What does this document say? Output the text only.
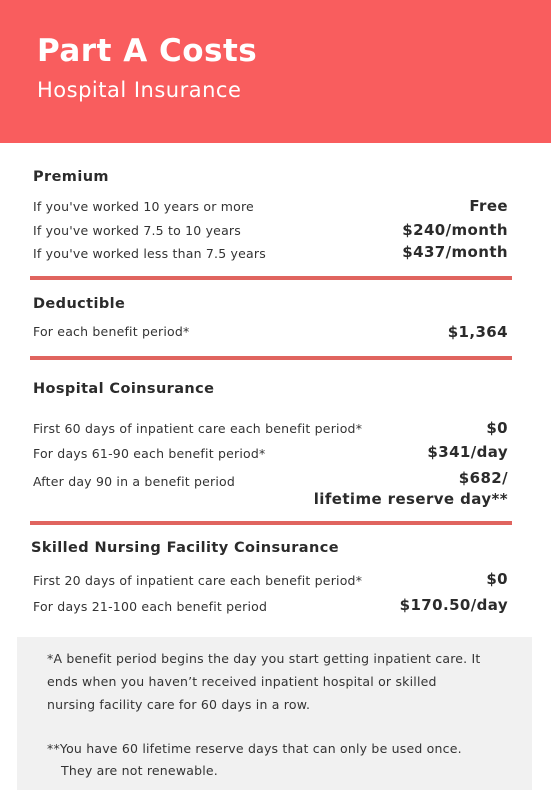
Part A Costs
Hospital Insurance
Premium
If you've worked 10 years or more	Free
If you've worked 7.5 to 10 years	$240/month
If you've worked less than 7.5 years	$437/month
Deductible
For each benefit period*	$1,364
Hospital Coinsurance
First 60 days of inpatient care each benefit period*	$0
For days 61-90 each benefit period*	$341/day
After day 90 in a benefit period	$682/
lifetime reserve day**
Skilled Nursing Facility Coinsurance
First 20 days of inpatient care each benefit period*	$0
For days 21-100 each benefit period	$170.50/day
*A benefit period begins the day you start getting inpatient care. It
ends when you haven’t received inpatient hospital or skilled
nursing facility care for 60 days in a row.
**You have 60 lifetime reserve days that can only be used once.
They are not renewable.
